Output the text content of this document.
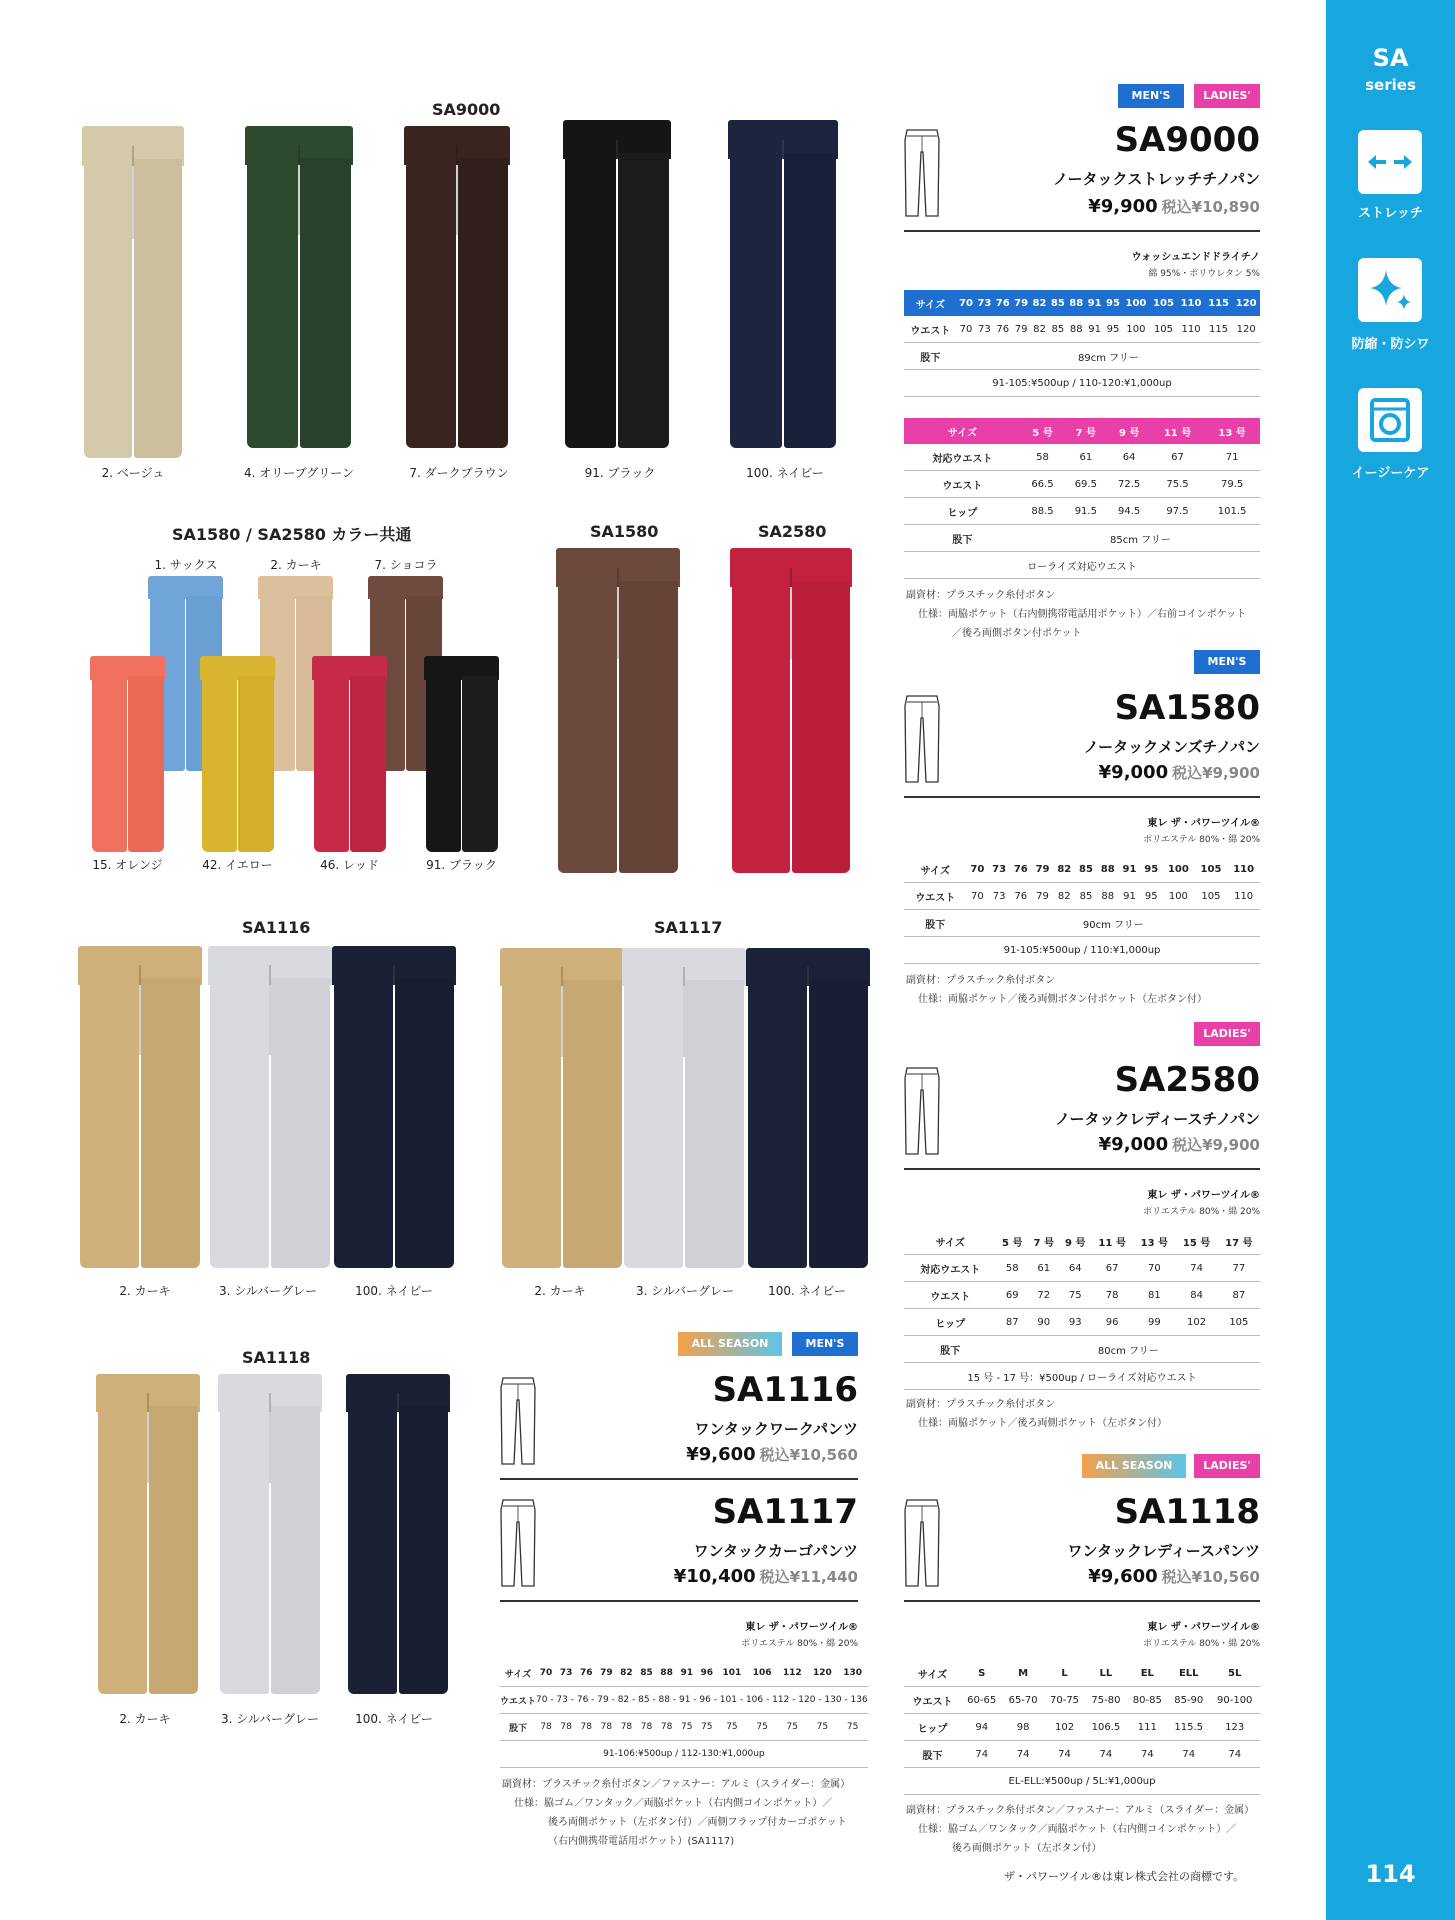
SA
series
ストレッチ
防縮・防シワ
イージーケア
114
SA9000
2. ベージュ	4. オリーブグリーン	7. ダークブラウン	91. ブラック	100. ネイビー
SA1580 / SA2580 カラー共通
1. サックス	2. カーキ	7. ショコラ
15. オレンジ	42. イエロー	46. レッド	91. ブラック
SA1580	SA2580
SA1116
2. カーキ	3. シルバーグレー	100. ネイビー
SA1117
2. カーキ	3. シルバーグレー	100. ネイビー
SA1118
2. カーキ	3. シルバーグレー	100. ネイビー
MEN'S	LADIES'
SA9000
ノータックストレッチチノパン
¥9,900 税込¥10,890
ウォッシュエンドドライチノ
綿 95%・ポリウレタン 5%
サイズ	70	73	76	79	82	85	88	91	95	100	105	110	115	120
ウエスト	70	73	76	79	82	85	88	91	95	100	105	110	115	120
股下	89cm フリー													
91-105:¥500up / 110-120:¥1,000up														
サイズ	5 号	7 号	9 号	11 号	13 号
対応ウエスト	58	61	64	67	71
ウエスト	66.5	69.5	72.5	75.5	79.5
ヒップ	88.5	91.5	94.5	97.5	101.5
股下	85cm フリー				
ローライズ対応ウエスト					
副資材：プラスチック糸付ボタン
仕様：両脇ポケット（右内側携帯電話用ポケット）／右前コインポケット
／後ろ両側ボタン付ポケット
MEN'S
SA1580
ノータックメンズチノパン
¥9,000 税込¥9,900
東レ ザ・パワーツイル®
ポリエステル 80%・綿 20%
サイズ	70	73	76	79	82	85	88	91	95	100	105	110
ウエスト	70	73	76	79	82	85	88	91	95	100	105	110
股下	90cm フリー											
91-105:¥500up / 110:¥1,000up												
副資材：プラスチック糸付ボタン
仕様：両脇ポケット／後ろ両側ボタン付ポケット（左ボタン付）
LADIES'
SA2580
ノータックレディースチノパン
¥9,000 税込¥9,900
東レ ザ・パワーツイル®
ポリエステル 80%・綿 20%
サイズ	5 号	7 号	9 号	11 号	13 号	15 号	17 号
対応ウエスト	58	61	64	67	70	74	77
ウエスト	69	72	75	78	81	84	87
ヒップ	87	90	93	96	99	102	105
股下	80cm フリー						
15 号 - 17 号：¥500up / ローライズ対応ウエスト							
副資材：プラスチック糸付ボタン
仕様：両脇ポケット／後ろ両側ポケット（左ボタン付）
ALL SEASON	MEN'S
SA1116
ワンタックワークパンツ
¥9,600 税込¥10,560
SA1117
ワンタックカーゴパンツ
¥10,400 税込¥11,440
東レ ザ・パワーツイル®
ポリエステル 80%・綿 20%
サイズ	70	73	76	79	82	85	88	91	96	101	106	112	120	130
ウエスト	70 - 73 - 76 - 79 - 82 - 85 - 88 - 91 - 96 - 101 - 106 - 112 - 120 - 130 - 136													
股下	78	78	78	78	78	78	78	75	75	75	75	75	75	75
91-106:¥500up / 112-130:¥1,000up														
副資材：プラスチック糸付ボタン／ファスナー：アルミ（スライダー：金属）
仕様：脇ゴム／ワンタック／両脇ポケット（右内側コインポケット）／
後ろ両側ポケット（左ボタン付）／両側フラップ付カーゴポケット
（右内側携帯電話用ポケット）(SA1117)
ALL SEASON	LADIES'
SA1118
ワンタックレディースパンツ
¥9,600 税込¥10,560
東レ ザ・パワーツイル®
ポリエステル 80%・綿 20%
サイズ	S	M	L	LL	EL	ELL	5L
ウエスト	60-65	65-70	70-75	75-80	80-85	85-90	90-100
ヒップ	94	98	102	106.5	111	115.5	123
股下	74	74	74	74	74	74	74
EL-ELL:¥500up / 5L:¥1,000up							
副資材：プラスチック糸付ボタン／ファスナー：アルミ（スライダー：金属）
仕様：脇ゴム／ワンタック／両脇ポケット（右内側コインポケット）／
後ろ両側ポケット（左ボタン付）
ザ・パワーツイル®は東レ株式会社の商標です。
